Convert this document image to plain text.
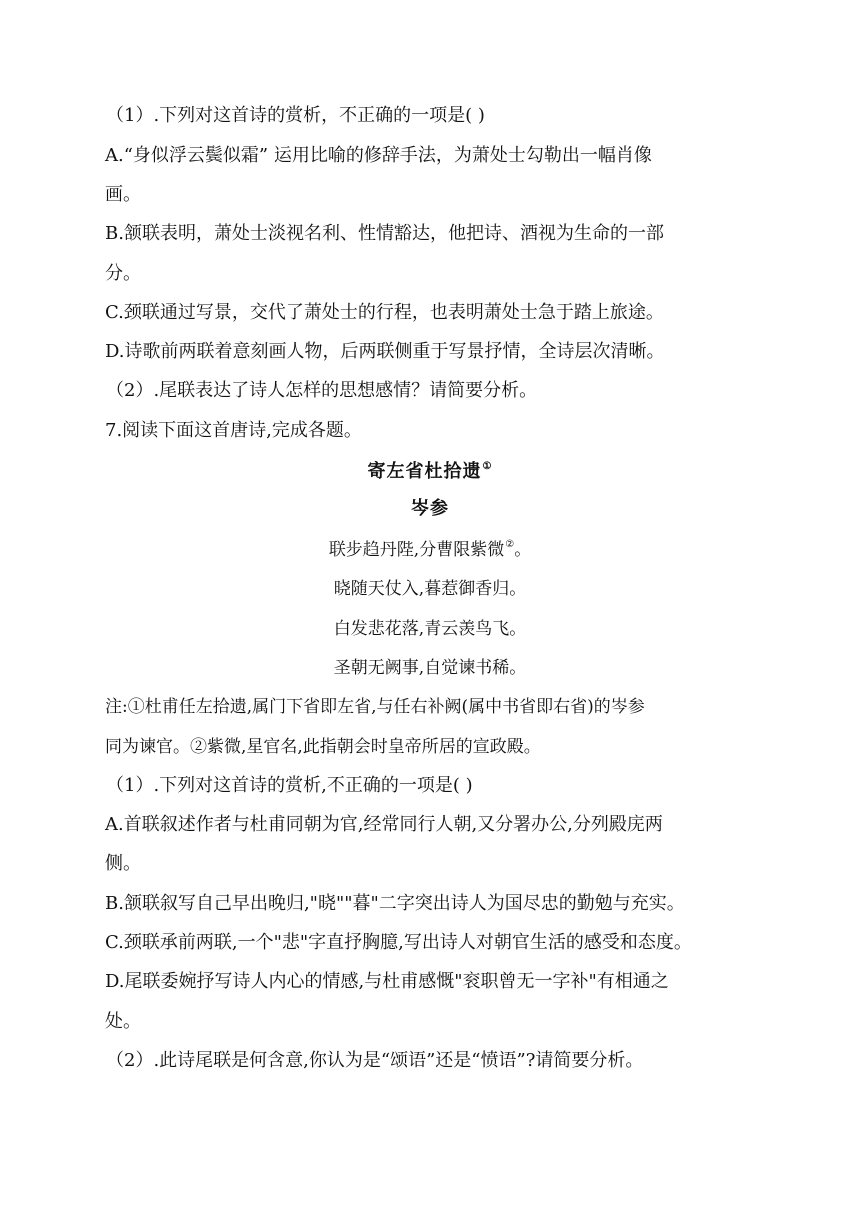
（1）.下列对这首诗的赏析，不正确的一项是( )
A.“身似浮云鬓似霜” 运用比喻的修辞手法，为萧处士勾勒出一幅肖像
画。
B.颔联表明，萧处士淡视名利、性情豁达，他把诗、酒视为生命的一部
分。
C.颈联通过写景，交代了萧处士的行程，也表明萧处士急于踏上旅途。
D.诗歌前两联着意刻画人物，后两联侧重于写景抒情，全诗层次清晰。
（2）.尾联表达了诗人怎样的思想感情？请简要分析。
7.阅读下面这首唐诗,完成各题。
寄左省杜拾遗①
岑参
联步趋丹陛,分曹限紫微②。
晓随天仗入,暮惹御香归。
白发悲花落,青云羡鸟飞。
圣朝无阙事,自觉谏书稀。
注:①杜甫任左拾遗,属门下省即左省,与任右补阙(属中书省即右省)的岑参
同为谏官。②紫微,星官名,此指朝会时皇帝所居的宣政殿。
（1）.下列对这首诗的赏析,不正确的一项是( )
A.首联叙述作者与杜甫同朝为官,经常同行人朝,又分署办公,分列殿庑两
侧。
B.颔联叙写自己早出晚归,"晓""暮"二字突出诗人为国尽忠的勤勉与充实。
C.颈联承前两联,一个"悲"字直抒胸臆,写出诗人对朝官生活的感受和态度。
D.尾联委婉抒写诗人内心的情感,与杜甫感慨"衮职曾无一字补"有相通之
处。
（2）.此诗尾联是何含意,你认为是“颂语”还是“愤语”?请简要分析。
